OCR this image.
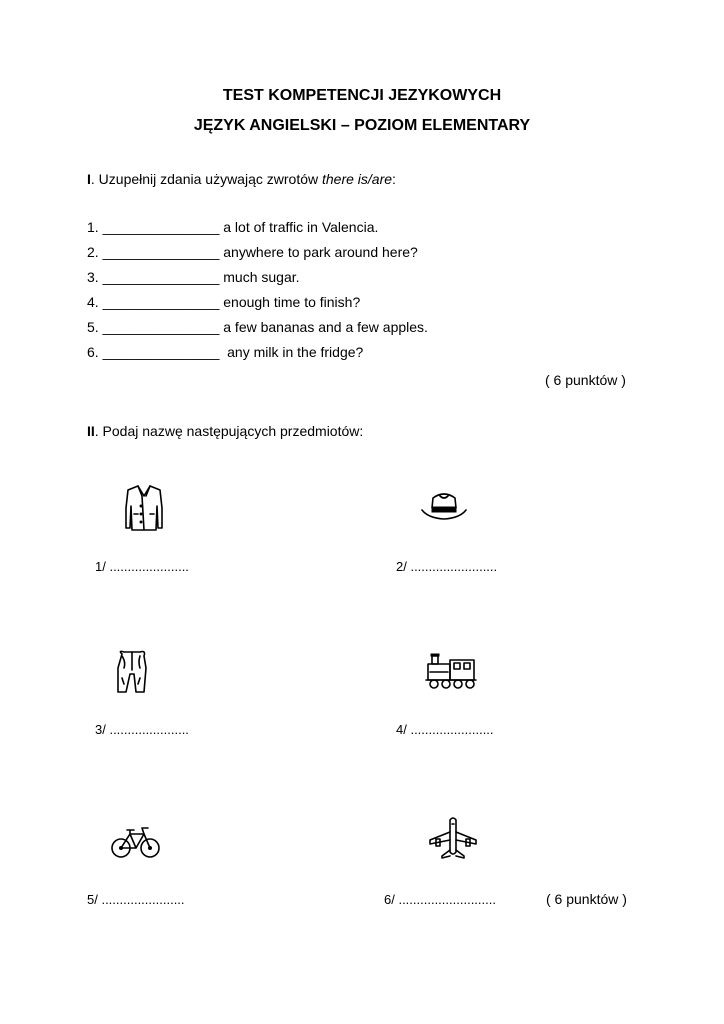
TEST KOMPETENCJI JEZYKOWYCH
JĘZYK ANGIELSKI – POZIOM ELEMENTARY
I. Uzupełnij zdania używając zwrotów there is/are:
1. _______________ a lot of traffic in Valencia.
2. _______________ anywhere to park around here?
3. _______________ much sugar.
4. _______________ enough time to finish?
5. _______________ a few bananas and a few apples.
6. _______________  any milk in the fridge?
( 6 punktów )
II. Podaj nazwę następujących przedmiotów:
1/ ......................	2/ ........................
3/ ......................	4/ .......................
5/ .......................	6/ ...........................	( 6 punktów )
